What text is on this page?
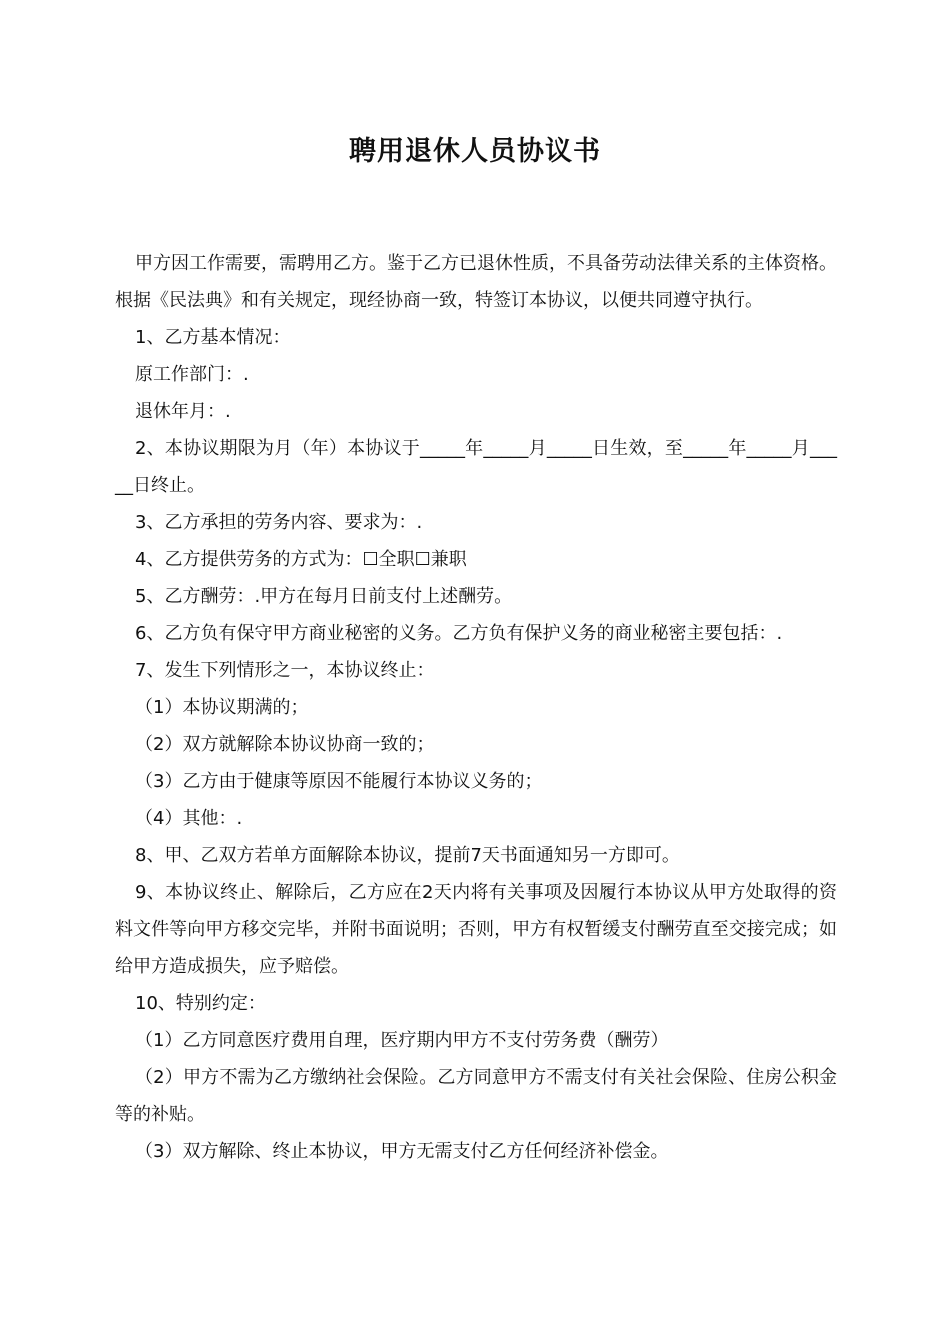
聘用退休人员协议书

甲方因工作需要，需聘用乙方。鉴于乙方已退休性质，不具备劳动法律关系的主体资格。根据《民法典》和有关规定，现经协商一致，特签订本协议，以便共同遵守执行。

1、乙方基本情况：

原工作部门：.

退休年月：.

2、本协议期限为月（年）本协议于_____年_____月_____日生效，至_____年_____月_____日终止。

3、乙方承担的劳务内容、要求为：.

4、乙方提供劳务的方式为：☐全职☐兼职

5、乙方酬劳：.甲方在每月日前支付上述酬劳。

6、乙方负有保守甲方商业秘密的义务。乙方负有保护义务的商业秘密主要包括：.

7、发生下列情形之一，本协议终止：

（1）本协议期满的；

（2）双方就解除本协议协商一致的；

（3）乙方由于健康等原因不能履行本协议义务的；

（4）其他：.

8、甲、乙双方若单方面解除本协议，提前7天书面通知另一方即可。

9、本协议终止、解除后，乙方应在2天内将有关事项及因履行本协议从甲方处取得的资料文件等向甲方移交完毕，并附书面说明；否则，甲方有权暂缓支付酬劳直至交接完成；如给甲方造成损失，应予赔偿。

10、特别约定：

（1）乙方同意医疗费用自理，医疗期内甲方不支付劳务费（酬劳）

（2）甲方不需为乙方缴纳社会保险。乙方同意甲方不需支付有关社会保险、住房公积金等的补贴。

（3）双方解除、终止本协议，甲方无需支付乙方任何经济补偿金。
